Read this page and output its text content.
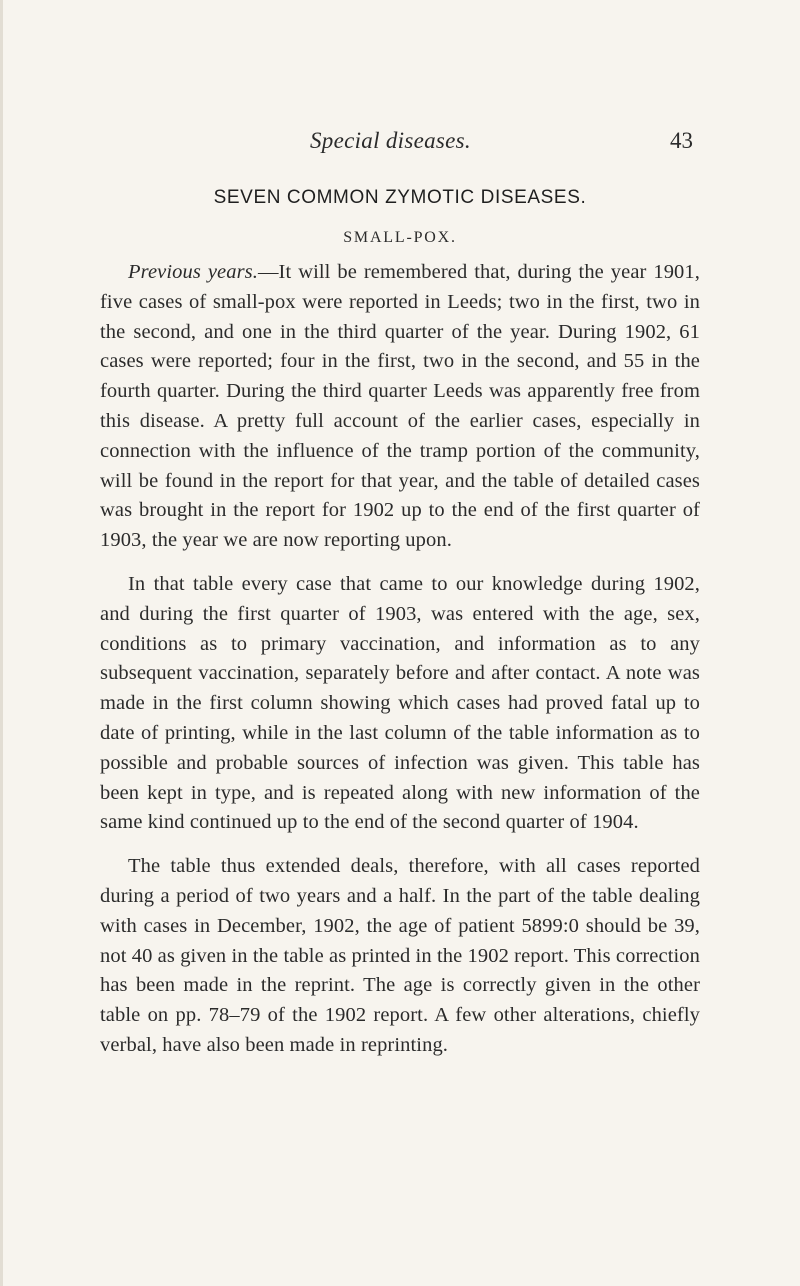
Special diseases.	43
SEVEN COMMON ZYMOTIC DISEASES.
SMALL-POX.

Previous years.—It will be remembered that, during the year 1901, five cases of small-pox were reported in Leeds; two in the first, two in the second, and one in the third quarter of the year. During 1902, 61 cases were reported; four in the first, two in the second, and 55 in the fourth quarter. During the third quarter Leeds was apparently free from this disease. A pretty full account of the earlier cases, especially in connection with the influence of the tramp portion of the community, will be found in the report for that year, and the table of detailed cases was brought in the report for 1902 up to the end of the first quarter of 1903, the year we are now reporting upon.

In that table every case that came to our knowledge during 1902, and during the first quarter of 1903, was entered with the age, sex, conditions as to primary vaccination, and information as to any subsequent vaccination, separately before and after contact. A note was made in the first column showing which cases had proved fatal up to date of printing, while in the last column of the table information as to possible and probable sources of infection was given. This table has been kept in type, and is repeated along with new information of the same kind continued up to the end of the second quarter of 1904.

The table thus extended deals, therefore, with all cases reported during a period of two years and a half. In the part of the table dealing with cases in December, 1902, the age of patient 5899:0 should be 39, not 40 as given in the table as printed in the 1902 report. This correction has been made in the reprint. The age is correctly given in the other table on pp. 78–79 of the 1902 report. A few other alterations, chiefly verbal, have also been made in reprinting.
